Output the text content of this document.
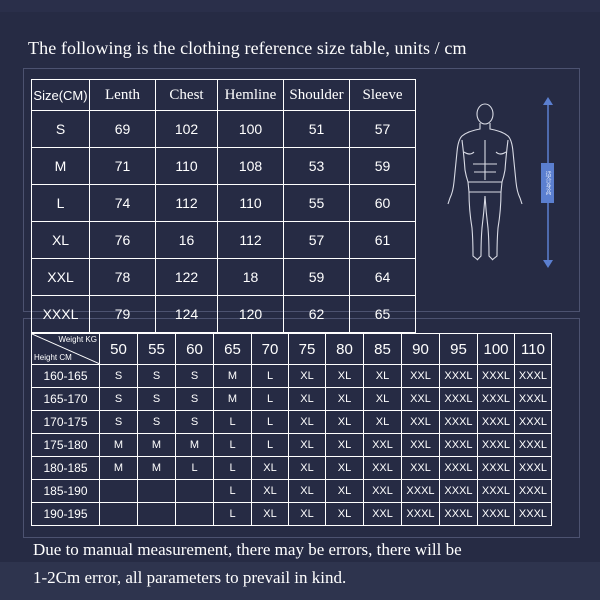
The following is the clothing reference size table, units / cm
Size(CM)	Lenth	Chest	Hemline	Shoulder	Sleeve
S	69	102	100	51	57
M	71	110	108	53	59
L	74	112	110	55	60
XL	76	16	112	57	61
XXL	78	122	18	59	64
XXXL	79	124	120	62	65
适合身高
Weight KG
Height CM	50	55	60	65	70	75	80	85	90	95	100	110
160-165	S	S	S	M	L	XL	XL	XL	XXL	XXXL	XXXL	XXXL
165-170	S	S	S	M	L	XL	XL	XL	XXL	XXXL	XXXL	XXXL
170-175	S	S	S	L	L	XL	XL	XL	XXL	XXXL	XXXL	XXXL
175-180	M	M	M	L	L	XL	XL	XXL	XXL	XXXL	XXXL	XXXL
180-185	M	M	L	L	XL	XL	XL	XXL	XXL	XXXL	XXXL	XXXL
185-190				L	XL	XL	XL	XXL	XXXL	XXXL	XXXL	XXXL
190-195				L	XL	XL	XL	XXL	XXXL	XXXL	XXXL	XXXL
Due to manual measurement, there may be errors, there will be
1-2Cm error, all parameters to prevail in kind.
